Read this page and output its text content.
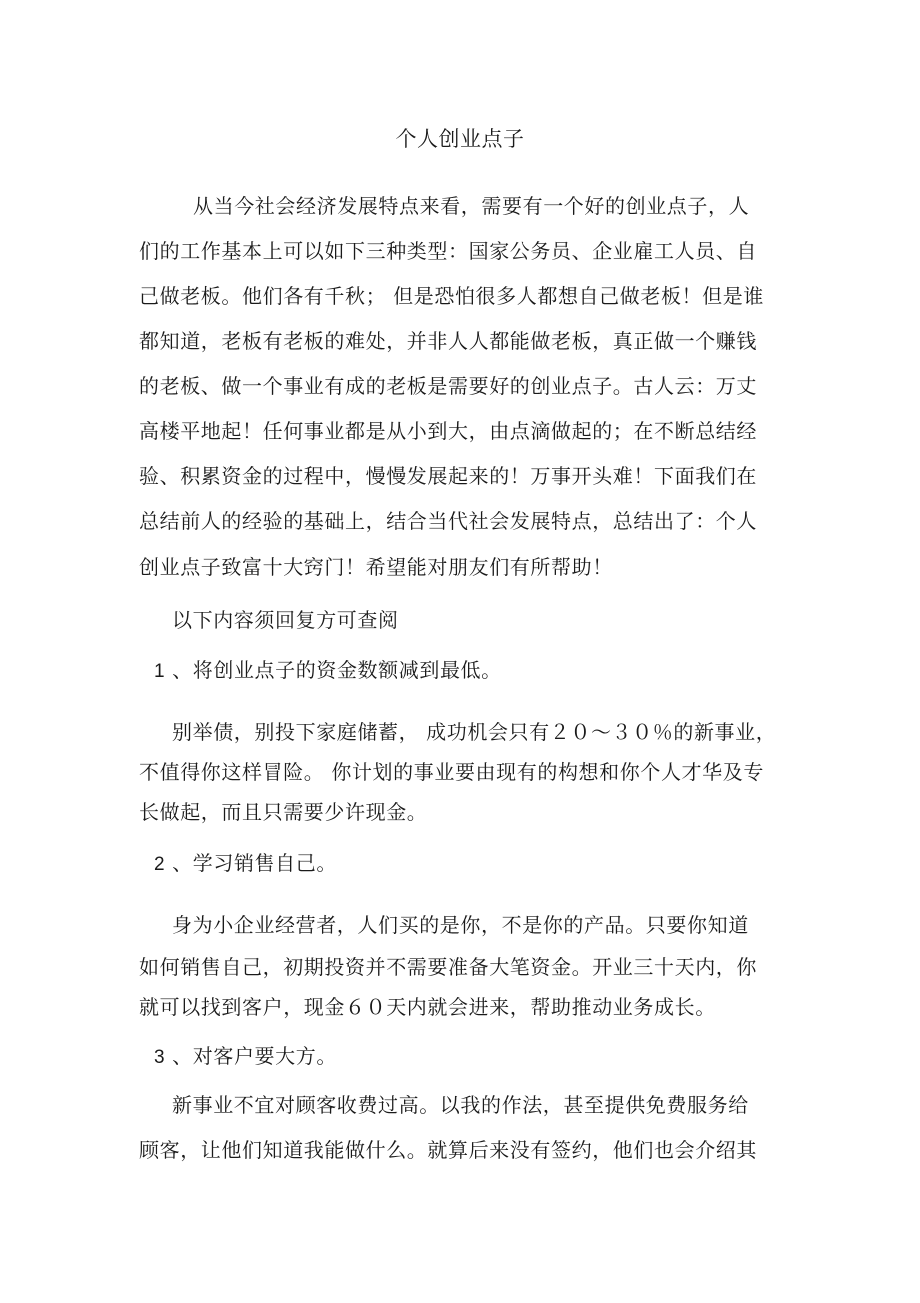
个人创业点子
从当今社会经济发展特点来看，需要有一个好的创业点子，人
们的工作基本上可以如下三种类型：国家公务员、企业雇工人员、自
己做老板。他们各有千秋； 但是恐怕很多人都想自己做老板！但是谁
都知道，老板有老板的难处，并非人人都能做老板，真正做一个赚钱
的老板、做一个事业有成的老板是需要好的创业点子。古人云：万丈
高楼平地起！任何事业都是从小到大，由点滴做起的；在不断总结经
验、积累资金的过程中，慢慢发展起来的！万事开头难！下面我们在
总结前人的经验的基础上，结合当代社会发展特点，总结出了：个人
创业点子致富十大窍门！希望能对朋友们有所帮助！
以下内容须回复方可查阅
1 、将创业点子的资金数额减到最低。
别举债，别投下家庭储蓄， 成功机会只有２０～３０％的新事业，
不值得你这样冒险。 你计划的事业要由现有的构想和你个人才华及专
长做起，而且只需要少许现金。
2 、学习销售自己。
身为小企业经营者，人们买的是你，不是你的产品。只要你知道
如何销售自己，初期投资并不需要准备大笔资金。开业三十天内，你
就可以找到客户，现金６０天内就会进来，帮助推动业务成长。
3 、对客户要大方。
新事业不宜对顾客收费过高。以我的作法，甚至提供免费服务给
顾客，让他们知道我能做什么。就算后来没有签约，他们也会介绍其
